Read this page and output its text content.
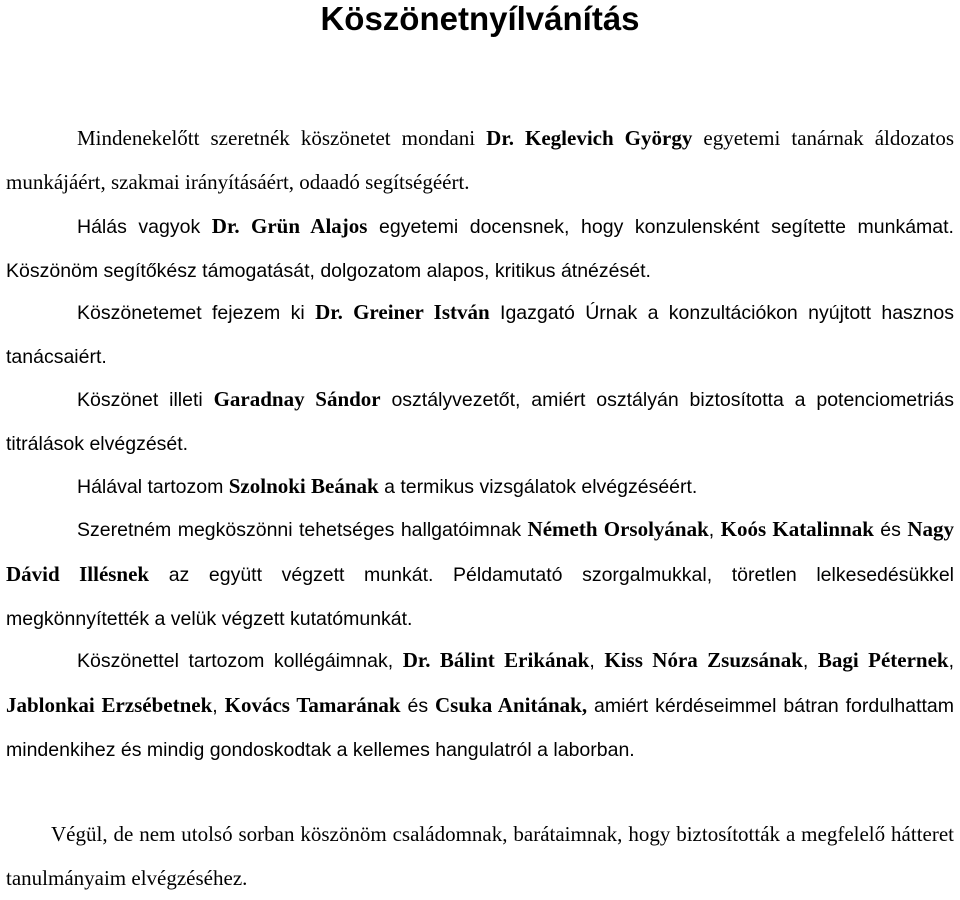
Köszönetnyílvánítás

Mindenekelőtt szeretnék köszönetet mondani Dr. Keglevich György egyetemi tanárnak áldozatos munkájáért, szakmai irányításáért, odaadó segítségéért.

Hálás vagyok Dr. Grün Alajos egyetemi docensnek, hogy konzulensként segítette munkámat. Köszönöm segítőkész támogatását, dolgozatom alapos, kritikus átnézését.

Köszönetemet fejezem ki Dr. Greiner István Igazgató Úrnak a konzultációkon nyújtott hasznos tanácsaiért.

Köszönet illeti Garadnay Sándor osztályvezetőt, amiért osztályán biztosította a potenciometriás titrálások elvégzését.

Hálával tartozom Szolnoki Beának a termikus vizsgálatok elvégzéséért.

Szeretném megköszönni tehetséges hallgatóimnak Németh Orsolyának, Koós Katalinnak és Nagy Dávid Illésnek az együtt végzett munkát. Példamutató szorgalmukkal, töretlen lelkesedésükkel megkönnyítették a velük végzett kutatómunkát.

Köszönettel tartozom kollégáimnak, Dr. Bálint Erikának, Kiss Nóra Zsuzsának, Bagi Péternek, Jablonkai Erzsébetnek, Kovács Tamarának és Csuka Anitának, amiért kérdéseimmel bátran fordulhattam mindenkihez és mindig gondoskodtak a kellemes hangulatról a laborban.

Végül, de nem utolsó sorban köszönöm családomnak, barátaimnak, hogy biztosították a megfelelő hátteret tanulmányaim elvégzéséhez.
